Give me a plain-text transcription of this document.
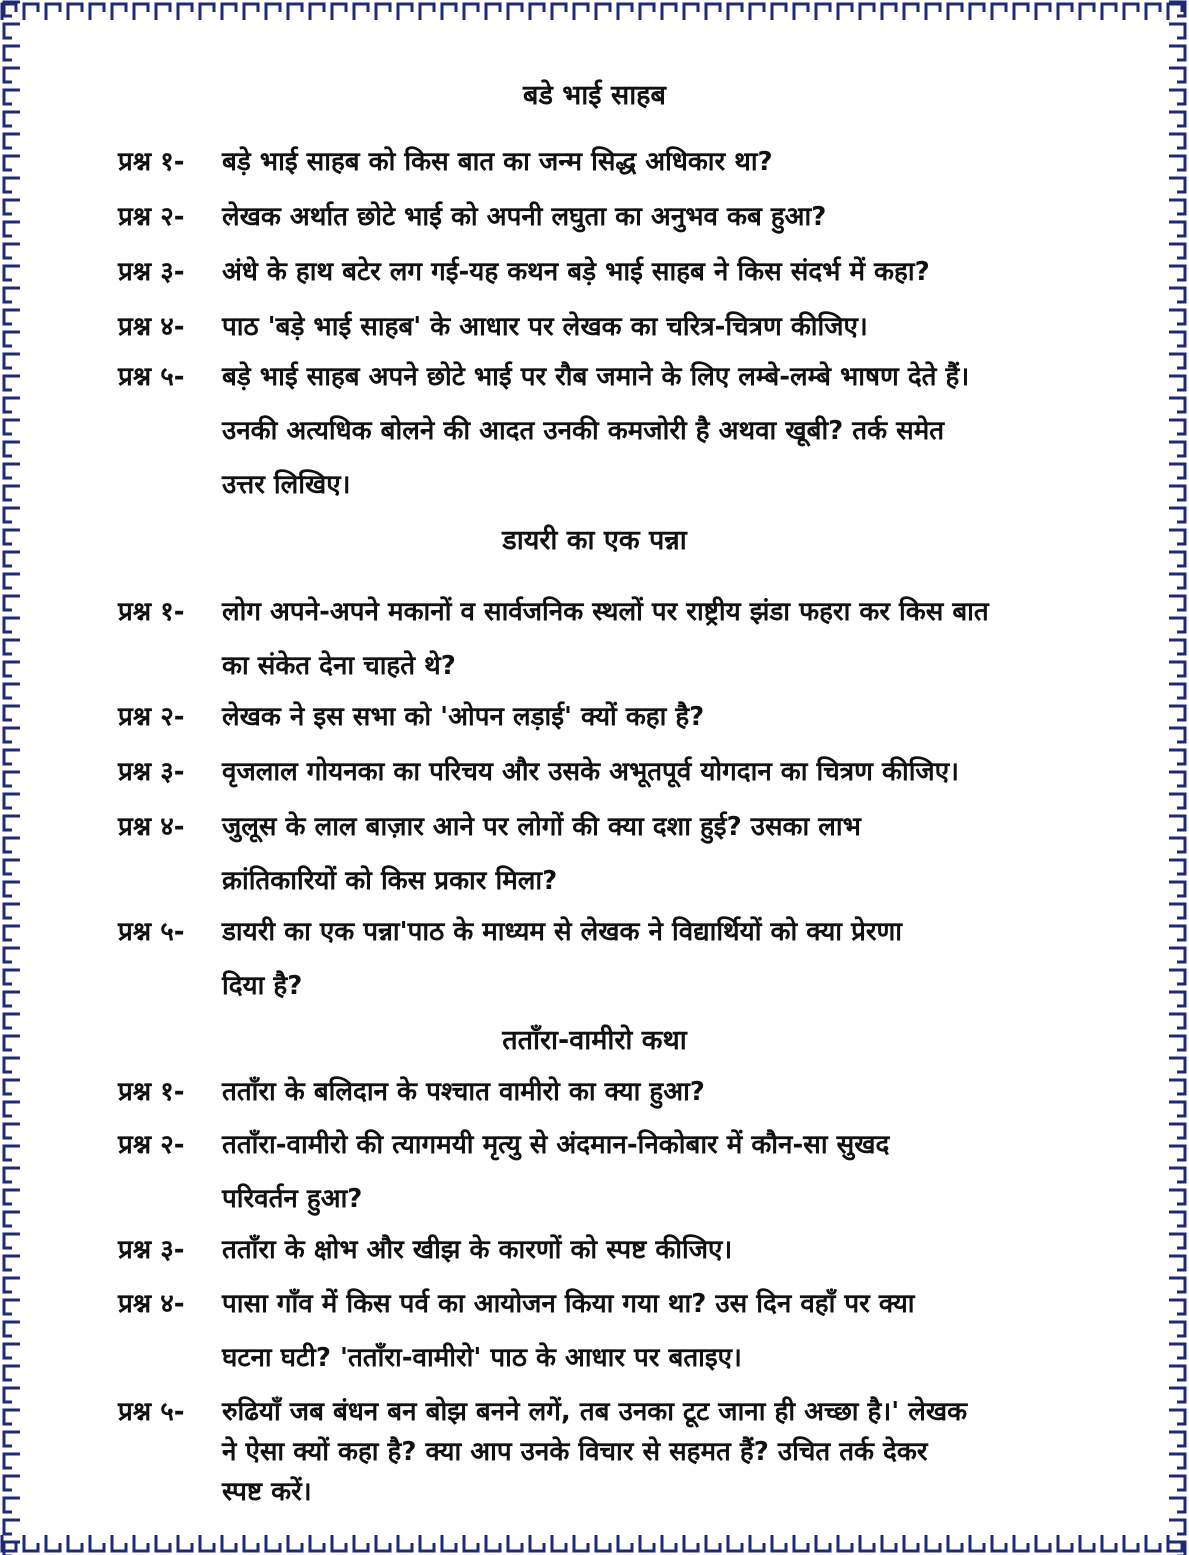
बडे भाई साहब
प्रश्न १- बड़े भाई साहब को किस बात का जन्म सिद्ध अधिकार था?
प्रश्न २- लेखक अर्थात छोटे भाई को अपनी लघुता का अनुभव कब हुआ?
प्रश्न ३- अंधे के हाथ बटेर लग गई-यह कथन बड़े भाई साहब ने किस संदर्भ में कहा?
प्रश्न ४- पाठ 'बड़े भाई साहब' के आधार पर लेखक का चरित्र-चित्रण कीजिए।
प्रश्न ५- बड़े भाई साहब अपने छोटे भाई पर रौब जमाने के लिए लम्बे-लम्बे भाषण देते हैं।
उनकी अत्यधिक बोलने की आदत उनकी कमजोरी है अथवा खूबी? तर्क समेत
उत्तर लिखिए।
डायरी का एक पन्ना
प्रश्न १- लोग अपने-अपने मकानों व सार्वजनिक स्थलों पर राष्ट्रीय झंडा फहरा कर किस बात
का संकेत देना चाहते थे?
प्रश्न २- लेखक ने इस सभा को 'ओपन लड़ाई' क्यों कहा है?
प्रश्न ३- वृजलाल गोयनका का परिचय और उसके अभूतपूर्व योगदान का चित्रण कीजिए।
प्रश्न ४- जुलूस के लाल बाज़ार आने पर लोगों की क्या दशा हुई? उसका लाभ
क्रांतिकारियों को किस प्रकार मिला?
प्रश्न ५- डायरी का एक पन्ना'पाठ के माध्यम से लेखक ने विद्यार्थियों को क्या प्रेरणा
दिया है?
तताँरा-वामीरो कथा
प्रश्न १- तताँरा के बलिदान के पश्चात वामीरो का क्या हुआ?
प्रश्न २- तताँरा-वामीरो की त्यागमयी मृत्यु से अंदमान-निकोबार में कौन-सा सुखद
परिवर्तन हुआ?
प्रश्न ३- तताँरा के क्षोभ और खीझ के कारणों को स्पष्ट कीजिए।
प्रश्न ४- पासा गाँव में किस पर्व का आयोजन किया गया था? उस दिन वहाँ पर क्या
घटना घटी? 'तताँरा-वामीरो' पाठ के आधार पर बताइए।
प्रश्न ५- रुढियाँ जब बंधन बन बोझ बनने लगें, तब उनका टूट जाना ही अच्छा है।' लेखक
ने ऐसा क्यों कहा है? क्या आप उनके विचार से सहमत हैं? उचित तर्क देकर
स्पष्ट करें।
